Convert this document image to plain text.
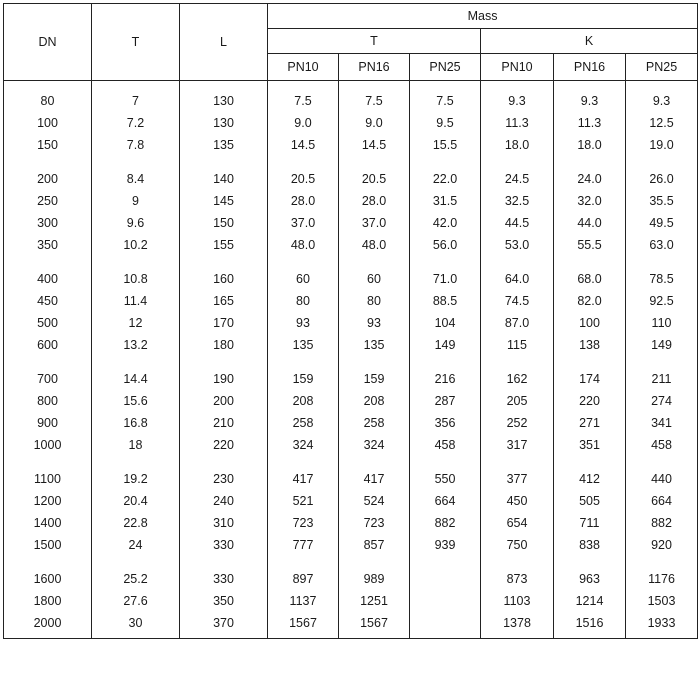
DN	T	L	Mass					
			T			K		
			PN10	PN16	PN25	PN10	PN16	PN25

80	7	130	7.5	7.5	7.5	9.3	9.3	9.3
100	7.2	130	9.0	9.0	9.5	11.3	11.3	12.5
150	7.8	135	14.5	14.5	15.5	18.0	18.0	19.0

200	8.4	140	20.5	20.5	22.0	24.5	24.0	26.0
250	9	145	28.0	28.0	31.5	32.5	32.0	35.5
300	9.6	150	37.0	37.0	42.0	44.5	44.0	49.5
350	10.2	155	48.0	48.0	56.0	53.0	55.5	63.0

400	10.8	160	60	60	71.0	64.0	68.0	78.5
450	11.4	165	80	80	88.5	74.5	82.0	92.5
500	12	170	93	93	104	87.0	100	110
600	13.2	180	135	135	149	115	138	149

700	14.4	190	159	159	216	162	174	211
800	15.6	200	208	208	287	205	220	274
900	16.8	210	258	258	356	252	271	341
1000	18	220	324	324	458	317	351	458

1100	19.2	230	417	417	550	377	412	440
1200	20.4	240	521	524	664	450	505	664
1400	22.8	310	723	723	882	654	711	882
1500	24	330	777	857	939	750	838	920

1600	25.2	330	897	989		873	963	1176
1800	27.6	350	1137	1251		1103	1214	1503
2000	30	370	1567	1567		1378	1516	1933
